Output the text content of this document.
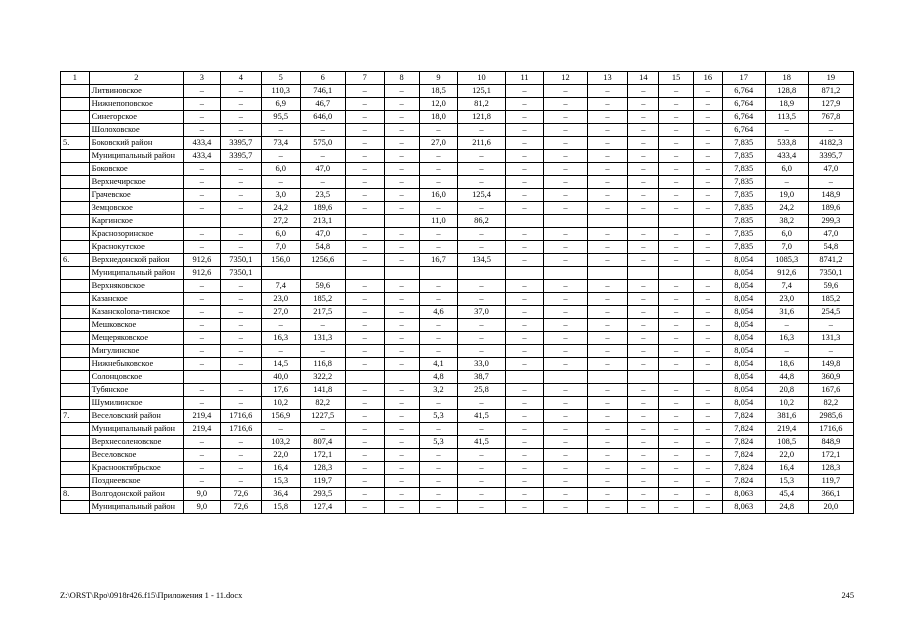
1	2	3	4	5	6	7	8	9	10	11	12	13	14	15	16	17	18	19
	Литвиновское	–	–	110,3	746,1	–	–	18,5	125,1	–	–	–	–	–	–	6,764	128,8	871,2
	Нижнепоповское	–	–	6,9	46,7	–	–	12,0	81,2	–	–	–	–	–	–	6,764	18,9	127,9
	Синегорское	–	–	95,5	646,0	–	–	18,0	121,8	–	–	–	–	–	–	6,764	113,5	767,8
	Шолоховское	–	–	–	–	–	–	–	–	–	–	–	–	–	–	6,764	–	–
5.	Боковский район	433,4	3395,7	73,4	575,0	–	–	27,0	211,6	–	–	–	–	–	–	7,835	533,8	4182,3
	Муниципальный район	433,4	3395,7	–	–	–	–	–	–	–	–	–	–	–	–	7,835	433,4	3395,7
	Боковское	–	–	6,0	47,0	–	–	–	–	–	–	–	–	–	–	7,835	6,0	47,0
	Верхнечирское	–	–	–	–	–	–	–	–	–	–	–	–	–	–	7,835	–	–
	Грачевское	–	–	3,0	23,5	–	–	16,0	125,4	–	–	–	–	–	–	7,835	19,0	148,9
	Земцовское	–	–	24,2	189,6	–	–	–	–	–	–	–	–	–	–	7,835	24,2	189,6
	Каргинское			27,2	213,1			11,0	86,2							7,835	38,2	299,3
	Краснозоринское	–	–	6,0	47,0	–	–	–	–	–	–	–	–	–	–	7,835	6,0	47,0
	Краснокутское	–	–	7,0	54,8	–	–	–	–	–	–	–	–	–	–	7,835	7,0	54,8
6.	Верхнедонской район	912,6	7350,1	156,0	1256,6	–	–	16,7	134,5	–	–	–	–	–	–	8,054	1085,3	8741,2
	Муниципальный район	912,6	7350,1													8,054	912,6	7350,1
	Верхняковское	–	–	7,4	59,6	–	–	–	–	–	–	–	–	–	–	8,054	7,4	59,6
	Казанское	–	–	23,0	185,2	–	–	–	–	–	–	–	–	–	–	8,054	23,0	185,2
	Казанскolопа-тинское	–	–	27,0	217,5	–	–	4,6	37,0	–	–	–	–	–	–	8,054	31,6	254,5
	Мешковское	–	–	–	–	–	–	–	–	–	–	–	–	–	–	8,054	–	–
	Мещеряковское	–	–	16,3	131,3	–	–	–	–	–	–	–	–	–	–	8,054	16,3	131,3
	Мигулинское	–	–	–	–	–	–	–	–	–	–	–	–	–	–	8,054	–	–
	Нижнебыковское	–	–	14,5	116,8	–	–	4,1	33,0	–	–	–	–	–	–	8,054	18,6	149,8
	Солонцовское			40,0	322,2			4,8	38,7							8,054	44,8	360,9
	Тубянское	–	–	17,6	141,8	–	–	3,2	25,8	–	–	–	–	–	–	8,054	20,8	167,6
	Шумилинское	–	–	10,2	82,2	–	–	–	–	–	–	–	–	–	–	8,054	10,2	82,2
7.	Веселовский район	219,4	1716,6	156,9	1227,5	–	–	5,3	41,5	–	–	–	–	–	–	7,824	381,6	2985,6
	Муниципальный район	219,4	1716,6	–	–	–	–	–	–	–	–	–	–	–	–	7,824	219,4	1716,6
	Верхнесоленовское	–	–	103,2	807,4	–	–	5,3	41,5	–	–	–	–	–	–	7,824	108,5	848,9
	Веселовское	–	–	22,0	172,1	–	–	–	–	–	–	–	–	–	–	7,824	22,0	172,1
	Краснооктябрьское	–	–	16,4	128,3	–	–	–	–	–	–	–	–	–	–	7,824	16,4	128,3
	Позднеевское	–	–	15,3	119,7	–	–	–	–	–	–	–	–	–	–	7,824	15,3	119,7
8.	Волгодонской район	9,0	72,6	36,4	293,5	–	–	–	–	–	–	–	–	–	–	8,063	45,4	366,1
	Муниципальный район	9,0	72,6	15,8	127,4	–	–	–	–	–	–	–	–	–	–	8,063	24,8	20,0
Z:\ORST\Rpo\0918r426.f15\Приложения 1 - 11.docx	245
